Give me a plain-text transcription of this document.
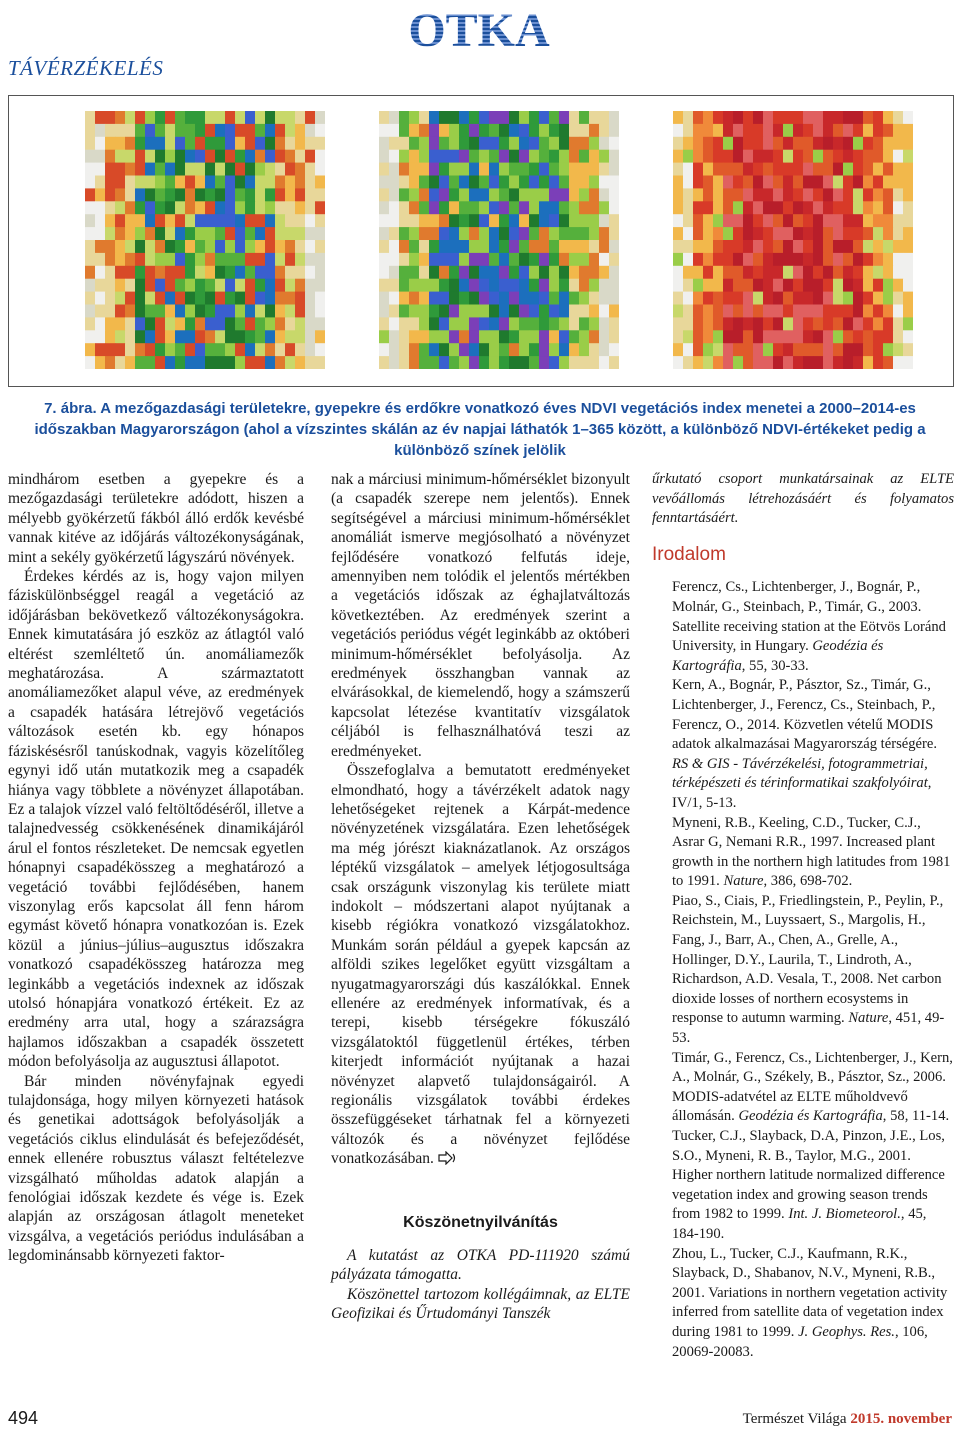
OTKA
TÁVÉRZÉKELÉS
7. ábra. A mezőgazdasági területekre, gyepekre és erdőkre vonatkozó éves NDVI vegetációs index menetei a 2000–2014-es időszakban Magyarországon (ahol a vízszintes skálán az év napjai láthatók 1–365 között, a különböző NDVI-értékeket pedig a különböző színek jelölik

mindhárom esetben a gyepekre és a mezőgazdasági területekre adódott, hiszen a mélyebb gyökérzetű fákból álló erdők kevésbé vannak kitéve az időjárás változékonyságának, mint a sekély gyökérzetű lágyszárú növények.

Érdekes kérdés az is, hogy vajon milyen fáziskülönbséggel reagál a vegetáció az időjárásban bekövetkező változékonyságokra. Ennek kimutatására jó eszköz az átlagtól való eltérést szemléltető ún. anomáliamezők meghatározása. A származtatott anomáliamezőket alapul véve, az eredmények a csapadék hatására létrejövő vegetációs változások esetén kb. egy hónapos fáziskésésről tanúskodnak, vagyis közelítőleg egynyi idő után mutatkozik meg a csapadék hiánya vagy többlete a növényzet állapotában. Ez a talajok vízzel való feltöltődéséről, illetve a talajnedvesség csökkenésének dinamikájáról árul el fontos részleteket. De nemcsak egyetlen hónapnyi csapadékösszeg a meghatározó a vegetáció további fejlődésében, hanem viszonylag erős kapcsolat áll fenn három egymást követő hónapra vonatkozóan is. Ezek közül a június–július–augusztus időszakra vonatkozó csapadékösszeg határozza meg leginkább a vegetációs indexnek az időszak utolsó hónapjára vonatkozó értékeit. Ez az eredmény arra utal, hogy a szárazságra hajlamos időszakban a csapadék összetett módon befolyásolja az augusztusi állapotot.

Bár minden növényfajnak egyedi tulajdonsága, hogy milyen környezeti hatások és genetikai adottságok befolyásolják a vegetációs ciklus elindulását és befejeződését, ennek ellenére robusztus választ feltételezve vizsgálható műholdas adatok alapján a fenológiai időszak kezdete és vége is. Ezek alapján az országosan átlagolt meneteket vizsgálva, a vegetációs periódus indulásában a legdominánsabb környezeti faktor-

nak a márciusi minimum-hőmérséklet bizonyult (a csapadék szerepe nem jelentős). Ennek segítségével a márciusi minimum-hőmérséklet anomáliát ismerve megjósolható a növényzet fejlődésére vonatkozó felfutás ideje, amennyiben nem tolódik el jelentős mértékben a vegetációs időszak az éghajlatváltozás következtében. Az eredmények szerint a vegetációs periódus végét leginkább az októberi minimum-hőmérséklet befolyásolja. Az eredmények összhangban vannak az elvárásokkal, de kiemelendő, hogy a számszerű kapcsolat létezése kvantitatív vizsgálatok céljából is felhasználhatóvá teszi az eredményeket.

Összefoglalva a bemutatott eredményeket elmondható, hogy a távérzékelt adatok nagy lehetőségeket rejtenek a Kárpát-medence növényzetének vizsgálatára. Ezen lehetőségek ma még jórészt kiaknázatlanok. Az országos léptékű vizsgálatok – amelyek létjogosultsága csak országunk viszonylag kis területe miatt indokolt – módszertani alapot nyújtanak a kisebb régiókra vonatkozó vizsgálatokhoz. Munkám során például a gyepek kapcsán az alföldi szikes legelőket együtt vizsgáltam a nyugatmagyarországi dús kaszálókkal. Ennek ellenére az eredmények informatívak, és a terepi, kisebb térségekre fókuszáló vizsgálatoktól függetlenül értékes, térben kiterjedt információt nyújtanak a hazai növényzet alapvető tulajdonságairól. A regionális vizsgálatok további érdekes összefüggéseket tárhatnak fel a környezeti változók és a növényzet fejlődése vonatkozásában.

Köszönetnyilvánítás

A kutatást az OTKA PD-111920 számú pályázata támogatta.

Köszönettel tartozom kollégáimnak, az ELTE Geofizikai és Űrtudományi Tanszék

űrkutató csoport munkatársainak az ELTE vevőállomás létrehozásáért és folyamatos fenntartásáért.

Irodalom

Ferencz, Cs., Lichtenberger, J., Bognár, P., Molnár, G., Steinbach, P., Timár, G., 2003. Satellite receiving station at the Eötvös Loránd University, in Hungary. Geodézia és Kartográfia, 55, 30-33.

Kern, A., Bognár, P., Pásztor, Sz., Timár, G., Lichtenberger, J., Ferencz, Cs., Steinbach, P., Ferencz, O., 2014. Közvetlen vételű MODIS adatok alkalmazásai Magyarország térségére. RS & GIS - Távérzékelési, fotogrammetriai, térképészeti és térinformatikai szakfolyóirat, IV/1, 5-13.

Myneni, R.B., Keeling, C.D., Tucker, C.J., Asrar G, Nemani R.R., 1997. Increased plant growth in the northern high latitudes from 1981 to 1991. Nature, 386, 698-702.

Piao, S., Ciais, P., Friedlingstein, P., Peylin, P., Reichstein, M., Luyssaert, S., Margolis, H., Fang, J., Barr, A., Chen, A., Grelle, A., Hollinger, D.Y., Laurila, T., Lindroth, A., Richardson, A.D. Vesala, T., 2008. Net carbon dioxide losses of northern ecosystems in response to autumn warming. Nature, 451, 49-53.

Timár, G., Ferencz, Cs., Lichtenberger, J., Kern, A., Molnár, G., Székely, B., Pásztor, Sz., 2006. MODIS-adatvétel az ELTE műholdvevő állomásán. Geodézia és Kartográfia, 58, 11-14.

Tucker, C.J., Slayback, D.A, Pinzon, J.E., Los, S.O., Myneni, R. B., Taylor, M.G., 2001. Higher northern latitude normalized difference vegetation index and growing season trends from 1982 to 1999. Int. J. Biometeorol., 45, 184-190.

Zhou, L., Tucker, C.J., Kaufmann, R.K., Slayback, D., Shabanov, N.V., Myneni, R.B., 2001. Variations in northern vegetation activity inferred from satellite data of vegetation index during 1981 to 1999. J. Geophys. Res., 106, 20069-20083.

494	Természet Világa 2015. november
